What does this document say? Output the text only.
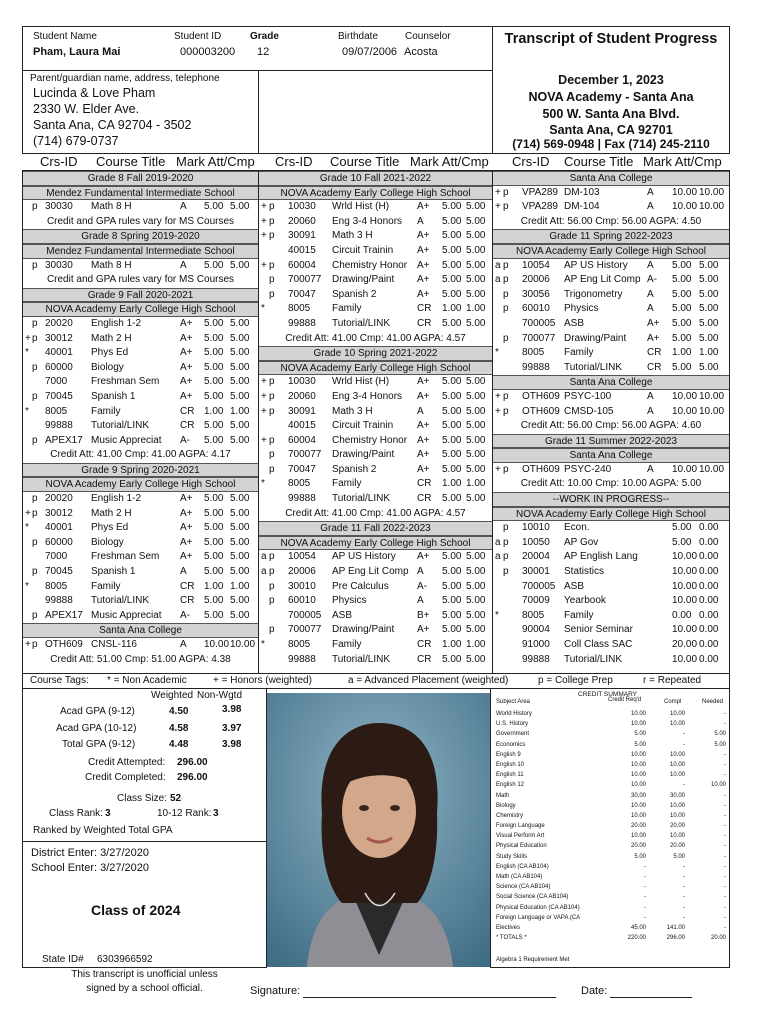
Student Name	Student ID	Grade	Birthdate	Counselor
Pham, Laura Mai	000003200 12	09/07/2006 Acosta
Parent/guardian name, address, telephone
Lucinda & Love Pham
2330 W. Elder Ave.
Santa Ana, CA 92704 - 3502
(714) 679-0737
Transcript of Student Progress
December 1, 2023
NOVA Academy - Santa Ana
500 W. Santa Ana Blvd.
Santa Ana, CA 92701
(714) 569-0948 | Fax (714) 245-2110
Crs-ID Course Title Mark Att/Cmp Crs-ID Course Title Mark Att/Cmp Crs-ID Course Title Mark Att/Cmp
Grade 8 Fall 2019-2020
Mendez Fundamental Intermediate School
p 30030 Math 8 H	A 5.00 5.00
Credit and GPA rules vary for MS Courses
Grade 8 Spring 2019-2020
Mendez Fundamental Intermediate School
p 30030 Math 8 H	A 5.00 5.00
Credit and GPA rules vary for MS Courses
Grade 9 Fall 2020-2021
NOVA Academy Early College High School
p 20020 English 1-2	A+ 5.00 5.00
+ p 30012 Math 2 H	A+ 5.00 5.00
* 40001 Phys Ed	A+ 5.00 5.00
p 60000 Biology	A+ 5.00 5.00
7000 Freshman Sem A+ 5.00 5.00
p 70045 Spanish 1	A+ 5.00 5.00
* 8005 Family	CR 1.00 1.00
99888 Tutorial/LINK	CR 5.00 5.00
p APEX17 Music Appreciat A- 5.00 5.00
Credit Att: 41.00 Cmp: 41.00 AGPA: 4.17
Grade 9 Spring 2020-2021
NOVA Academy Early College High School
p 20020 English 1-2	A+ 5.00 5.00
+ p 30012 Math 2 H	A+ 5.00 5.00
* 40001 Phys Ed	A+ 5.00 5.00
p 60000 Biology	A+ 5.00 5.00
7000 Freshman Sem A+ 5.00 5.00
p 70045 Spanish 1	A 5.00 5.00
* 8005 Family	CR 1.00 1.00
99888 Tutorial/LINK	CR 5.00 5.00
p APEX17 Music Appreciat A- 5.00 5.00
Santa Ana College
+ p OTH609 CNSL-116	A 10.00 10.00
Credit Att: 51.00 Cmp: 51.00 AGPA: 4.38
Grade 10 Fall 2021-2022
NOVA Academy Early College High School
+ p 10030 Wrld Hist (H)	A+ 5.00 5.00
+ p 20060 Eng 3-4 Honors A 5.00 5.00
+ p 30091 Math 3 H	A+ 5.00 5.00
40015 Circuit Trainin A+ 5.00 5.00
+ p 60004 Chemistry Honor A+ 5.00 5.00
p 700077 Drawing/Paint A+ 5.00 5.00
p 70047 Spanish 2	A+ 5.00 5.00
* 8005 Family	CR 1.00 1.00
99888 Tutorial/LINK	CR 5.00 5.00
Credit Att: 41.00 Cmp: 41.00 AGPA: 4.57
Grade 10 Spring 2021-2022
NOVA Academy Early College High School
+ p 10030 Wrld Hist (H)	A+ 5.00 5.00
+ p 20060 Eng 3-4 Honors A+ 5.00 5.00
+ p 30091 Math 3 H	A 5.00 5.00
40015 Circuit Trainin A+ 5.00 5.00
+ p 60004 Chemistry Honor A+ 5.00 5.00
p 700077 Drawing/Paint A+ 5.00 5.00
p 70047 Spanish 2	A+ 5.00 5.00
* 8005 Family	CR 1.00 1.00
99888 Tutorial/LINK	CR 5.00 5.00
Credit Att: 41.00 Cmp: 41.00 AGPA: 4.57
Grade 11 Fall 2022-2023
NOVA Academy Early College High School
a p 10054 AP US History A+ 5.00 5.00
a p 20006 AP Eng Lit Comp A 5.00 5.00
p 30010 Pre Calculus	A- 5.00 5.00
p 60010 Physics	A 5.00 5.00
700005 ASB	B+ 5.00 5.00
p 700077 Drawing/Paint A+ 5.00 5.00
* 8005 Family	CR 1.00 1.00
99888 Tutorial/LINK	CR 5.00 5.00
Santa Ana College
+ p VPA289 DM-103	A 10.00 10.00
+ p VPA289 DM-104	A 10.00 10.00
Credit Att: 56.00 Cmp: 56.00 AGPA: 4.50
Grade 11 Spring 2022-2023
NOVA Academy Early College High School
a p 10054 AP US History A 5.00 5.00
a p 20006 AP Eng Lit Comp A- 5.00 5.00
p 30056 Trigonometry A 5.00 5.00
p 60010 Physics	A 5.00 5.00
700005 ASB	A+ 5.00 5.00
p 700077 Drawing/Paint A+ 5.00 5.00
* 8005 Family	CR 1.00 1.00
99888 Tutorial/LINK	CR 5.00 5.00
Santa Ana College
+ p OTH609 PSYC-100	A 10.00 10.00
+ p OTH609 CMSD-105	A 10.00 10.00
Credit Att: 56.00 Cmp: 56.00 AGPA: 4.60
Grade 11 Summer 2022-2023
Santa Ana College
+ p OTH609 PSYC-240	A 10.00 10.00
Credit Att: 10.00 Cmp: 10.00 AGPA: 5.00
--WORK IN PROGRESS--
NOVA Academy Early College High School
p 10010 Econ.	5.00 0.00
a p 10050 AP Gov	5.00 0.00
a p 20004 AP English Lang	10.00 0.00
p 30001 Statistics	10.00 0.00
700005 ASB	10.00 0.00
70009 Yearbook	10.00 0.00
* 8005 Family	0.00 0.00
90004 Senior Seminar	10.00 0.00
91000 Coll Class SAC	20.00 0.00
99888 Tutorial/LINK	10.00 0.00
Course Tags: * = Non Academic	+ = Honors (weighted)	a = Advanced Placement (weighted)	p = College Prep	r = Repeated
Weighted Non-Wgtd
Acad GPA (9-12)	4.50	3.98
Acad GPA (10-12)	4.58	3.97
Total GPA (9-12)	4.48	3.98
Credit Attempted: 296.00
Credit Completed: 296.00
Class Size: 52
Class Rank: 3	10-12 Rank: 3
Ranked by Weighted Total GPA
District Enter: 3/27/2020
School Enter: 3/27/2020
Class of 2024
State ID# 6303966592
This transcript is unofficial unless
signed by a school official.
CREDIT SUMMARY
Subject Area	Credit Req'd	Compl	Needed
World History	10.00	10.00	-
U.S. History	10.00	10.00	-
Government	5.00	-	5.00
Economics	5.00	-	5.00
English 9	10.00	10.00	-
English 10	10.00	10.00	-
English 11	10.00	10.00	-
English 12	10.00	-	10.00
Math	30.00	30.00	-
Biology	10.00	10.00	-
Chemistry	10.00	10.00	-
Foreign Language	20.00	20.00	-
Visual Perform Art	10.00	10.00	-
Physical Education	20.00	20.00	-
Study Skills	5.00	5.00	-
English (CA AB104)	-	-	-
Math (CA AB104)	-	-	-
Science (CA AB104)	-	-	-
Social Science (CA AB104)	-	-	-
Physical Education (CA AB104)	-	-	-
Foreign Language or VAPA (CA	-	-	-
Electives	45.00	141.00	-
* TOTALS *	220.00	296.00	20.00
Algebra 1 Requirement Met
Signature:	Date:
